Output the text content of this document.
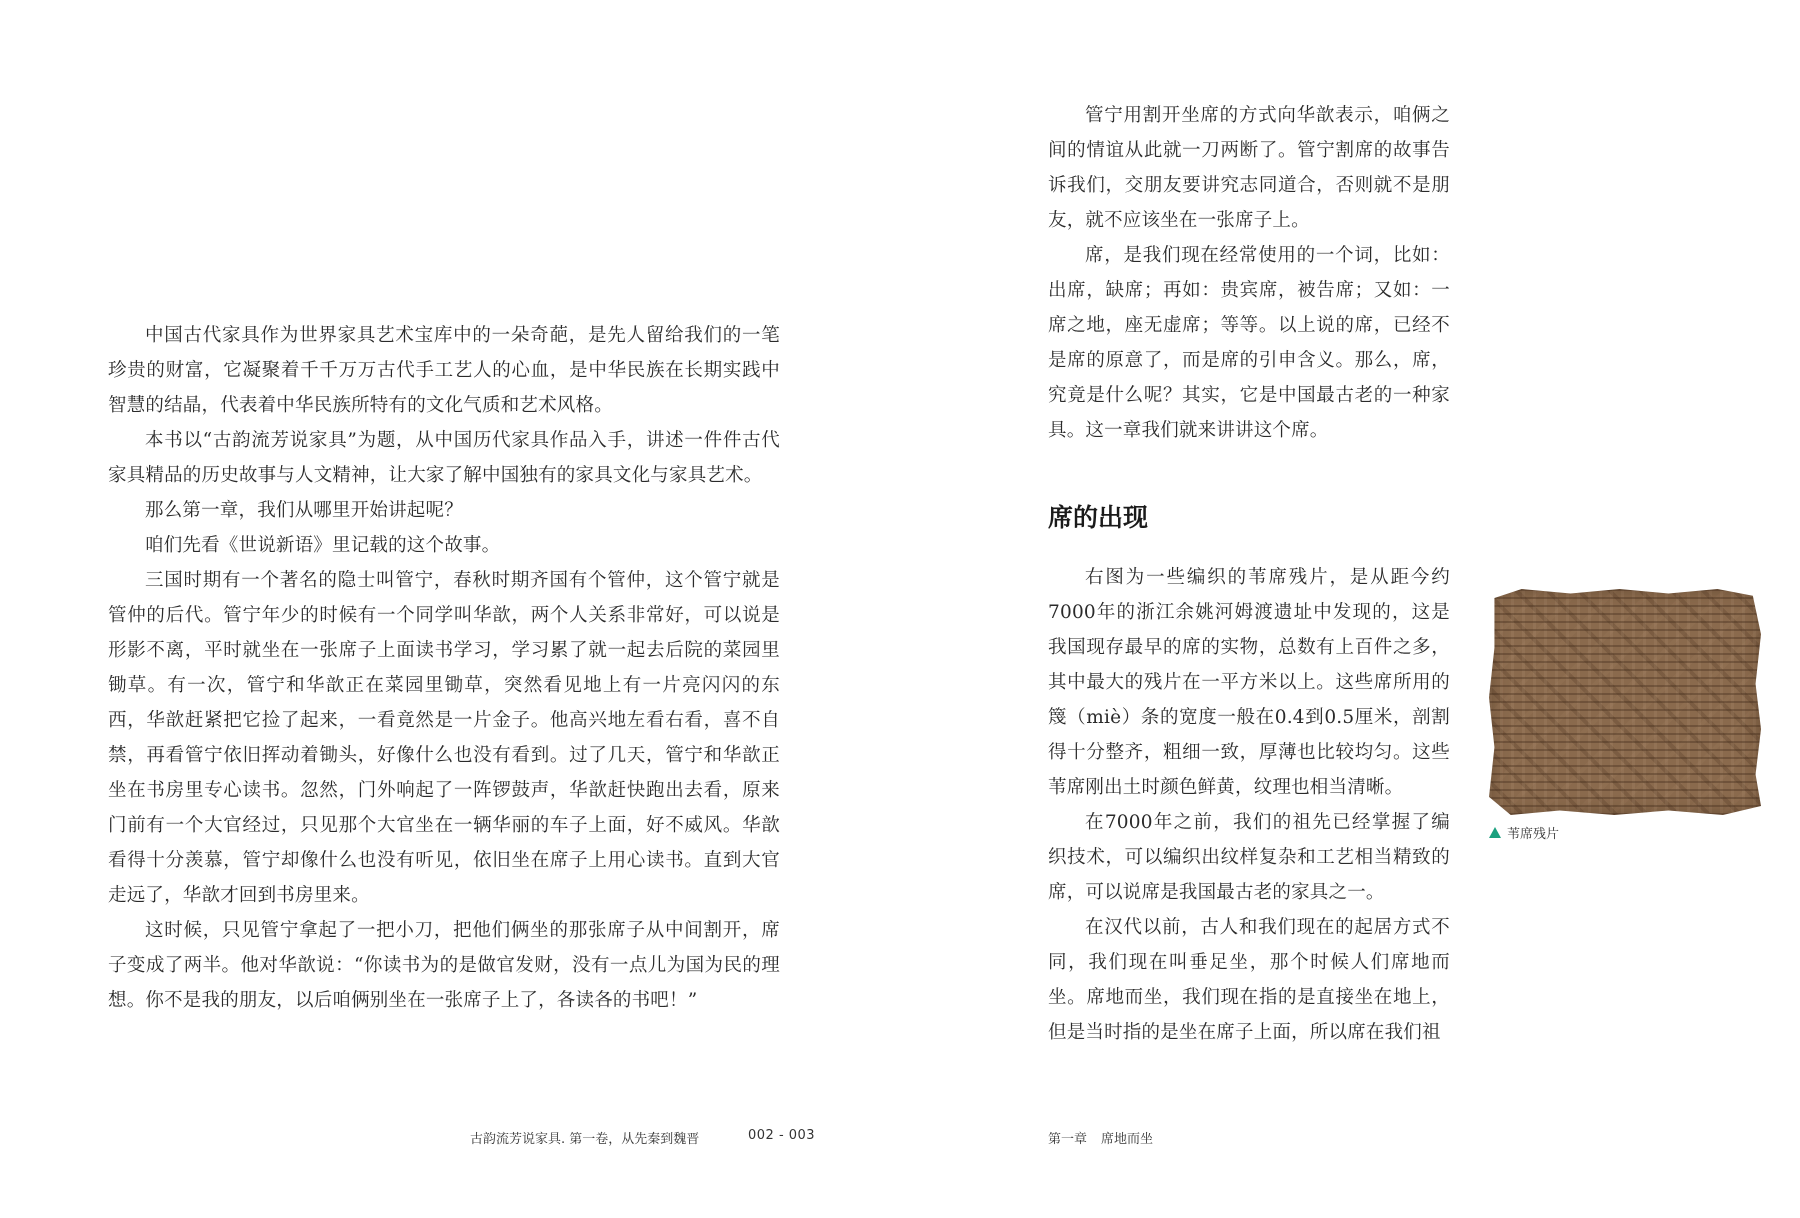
中国古代家具作为世界家具艺术宝库中的一朵奇葩，是先人留给我们的一笔珍贵的财富，它凝聚着千千万万古代手工艺人的心血，是中华民族在长期实践中智慧的结晶，代表着中华民族所特有的文化气质和艺术风格。

本书以“古韵流芳说家具”为题，从中国历代家具作品入手，讲述一件件古代家具精品的历史故事与人文精神，让大家了解中国独有的家具文化与家具艺术。

那么第一章，我们从哪里开始讲起呢？

咱们先看《世说新语》里记载的这个故事。

三国时期有一个著名的隐士叫管宁，春秋时期齐国有个管仲，这个管宁就是管仲的后代。管宁年少的时候有一个同学叫华歆，两个人关系非常好，可以说是形影不离，平时就坐在一张席子上面读书学习，学习累了就一起去后院的菜园里锄草。有一次，管宁和华歆正在菜园里锄草，突然看见地上有一片亮闪闪的东西，华歆赶紧把它捡了起来，一看竟然是一片金子。他高兴地左看右看，喜不自禁，再看管宁依旧挥动着锄头，好像什么也没有看到。过了几天，管宁和华歆正坐在书房里专心读书。忽然，门外响起了一阵锣鼓声，华歆赶快跑出去看，原来门前有一个大官经过，只见那个大官坐在一辆华丽的车子上面，好不威风。华歆看得十分羡慕，管宁却像什么也没有听见，依旧坐在席子上用心读书。直到大官走远了，华歆才回到书房里来。

这时候，只见管宁拿起了一把小刀，把他们俩坐的那张席子从中间割开，席子变成了两半。他对华歆说：“你读书为的是做官发财，没有一点儿为国为民的理想。你不是我的朋友，以后咱俩别坐在一张席子上了，各读各的书吧！”

古韵流芳说家具. 第一卷，从先秦到魏晋	002 - 003

管宁用割开坐席的方式向华歆表示，咱俩之间的情谊从此就一刀两断了。管宁割席的故事告诉我们，交朋友要讲究志同道合，否则就不是朋友，就不应该坐在一张席子上。

席，是我们现在经常使用的一个词，比如：出席，缺席；再如：贵宾席，被告席；又如：一席之地，座无虚席；等等。以上说的席，已经不是席的原意了，而是席的引申含义。那么，席，究竟是什么呢？其实，它是中国最古老的一种家具。这一章我们就来讲讲这个席。

席的出现

右图为一些编织的苇席残片，是从距今约7000年的浙江余姚河姆渡遗址中发现的，这是我国现存最早的席的实物，总数有上百件之多，其中最大的残片在一平方米以上。这些席所用的篾（miè）条的宽度一般在0.4到0.5厘米，剖割得十分整齐，粗细一致，厚薄也比较均匀。这些苇席刚出土时颜色鲜黄，纹理也相当清晰。

在7000年之前，我们的祖先已经掌握了编织技术，可以编织出纹样复杂和工艺相当精致的席，可以说席是我国最古老的家具之一。

在汉代以前，古人和我们现在的起居方式不同，我们现在叫垂足坐，那个时候人们席地而坐。席地而坐，我们现在指的是直接坐在地上，但是当时指的是坐在席子上面，所以席在我们祖

苇席残片
第一章 席地而坐
